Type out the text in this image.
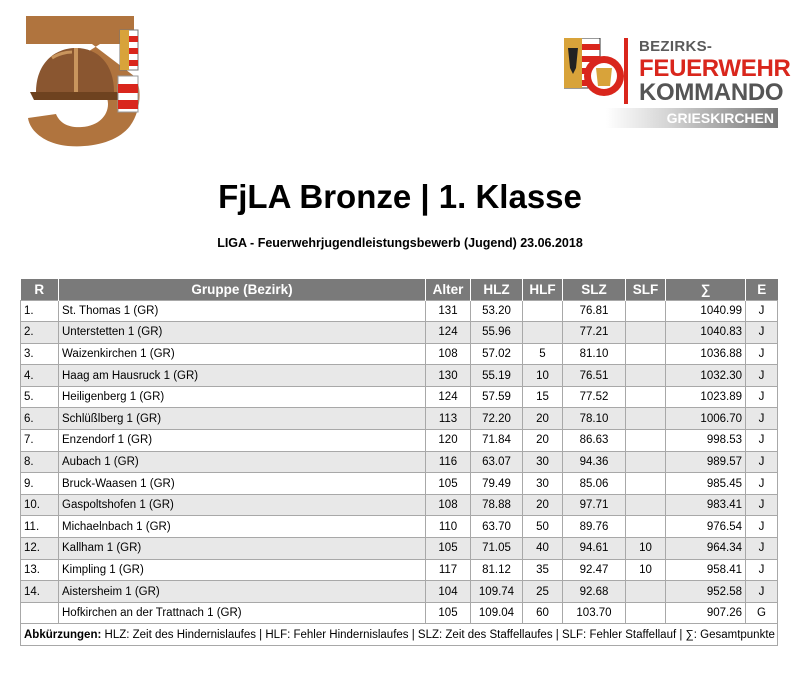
BEZIRKS-
FEUERWEHR
KOMMANDO
GRIESKIRCHEN
FjLA Bronze | 1. Klasse
LIGA - Feuerwehrjugendleistungsbewerb (Jugend) 23.06.2018
R	Gruppe (Bezirk)	Alter	HLZ	HLF	SLZ	SLF	∑	E
1.	St. Thomas 1 (GR)	131	53.20		76.81		1040.99	J
2.	Unterstetten 1 (GR)	124	55.96		77.21		1040.83	J
3.	Waizenkirchen 1 (GR)	108	57.02	5	81.10		1036.88	J
4.	Haag am Hausruck 1 (GR)	130	55.19	10	76.51		1032.30	J
5.	Heiligenberg 1 (GR)	124	57.59	15	77.52		1023.89	J
6.	Schlüßlberg 1 (GR)	113	72.20	20	78.10		1006.70	J
7.	Enzendorf 1 (GR)	120	71.84	20	86.63		998.53	J
8.	Aubach 1 (GR)	116	63.07	30	94.36		989.57	J
9.	Bruck-Waasen 1 (GR)	105	79.49	30	85.06		985.45	J
10.	Gaspoltshofen 1 (GR)	108	78.88	20	97.71		983.41	J
11.	Michaelnbach 1 (GR)	110	63.70	50	89.76		976.54	J
12.	Kallham 1 (GR)	105	71.05	40	94.61	10	964.34	J
13.	Kimpling 1 (GR)	117	81.12	35	92.47	10	958.41	J
14.	Aistersheim 1 (GR)	104	109.74	25	92.68		952.58	J
	Hofkirchen an der Trattnach 1 (GR)	105	109.04	60	103.70		907.26	G
Abkürzungen: HLZ: Zeit des Hindernislaufes | HLF: Fehler Hindernislaufes | SLZ: Zeit des Staffellaufes | SLF: Fehler Staffellauf | ∑: Gesamtpunkte								
